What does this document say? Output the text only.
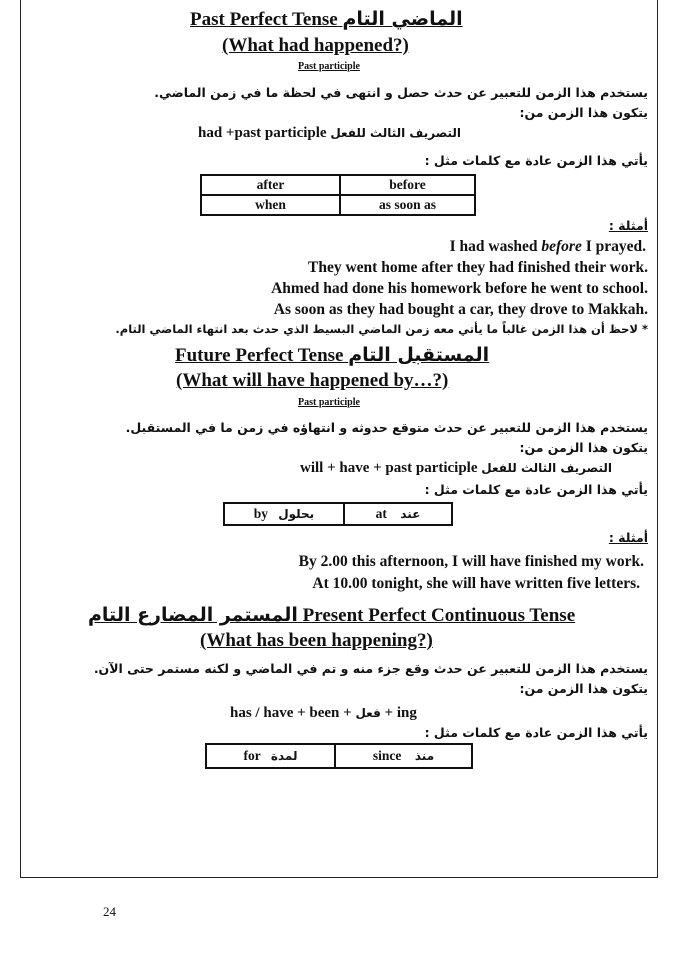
Past Perfect Tense الماضي التام
(What had happened?)
Past participle
يستخدم هذا الزمن للتعبير عن حدث حصل و انتهى في لحظة ما في زمن الماضي.
يتكون هذا الزمن من:
had +past participle التصريف الثالث للفعل
يأتي هذا الزمن عادة مع كلمات مثل :
after	before
when	as soon as
أمثلة :
I had washed before I prayed.
They went home after they had finished their work.
Ahmed had done his homework before he went to school.
As soon as they had bought a car, they drove to Makkah.
* لاحظ أن هذا الزمن غالباً ما يأتي معه زمن الماضي البسيط الذي حدث بعد انتهاء الماضي التام.
Future Perfect Tense المستقبل التام
(What will have happened by…?)
Past participle
يستخدم هذا الزمن للتعبير عن حدث متوقع حدوثه و انتهاؤه في زمن ما في المستقبل.
يتكون هذا الزمن من:
will + have + past participle التصريف الثالث للفعل
يأتي هذا الزمن عادة مع كلمات مثل :
by بحلول	at عند
أمثلة :
By 2.00 this afternoon, I will have finished my work.
At 10.00 tonight, she will have written five letters.
المستمر المضارع التام Present Perfect Continuous Tense
(What has been happening?)
يستخدم هذا الزمن للتعبير عن حدث وقع جزء منه و تم في الماضي و لكنه مستمر حتى الآن.
يتكون هذا الزمن من:
has / have + been + فعل + ing
يأتي هذا الزمن عادة مع كلمات مثل :
for لمدة	since منذ
24
